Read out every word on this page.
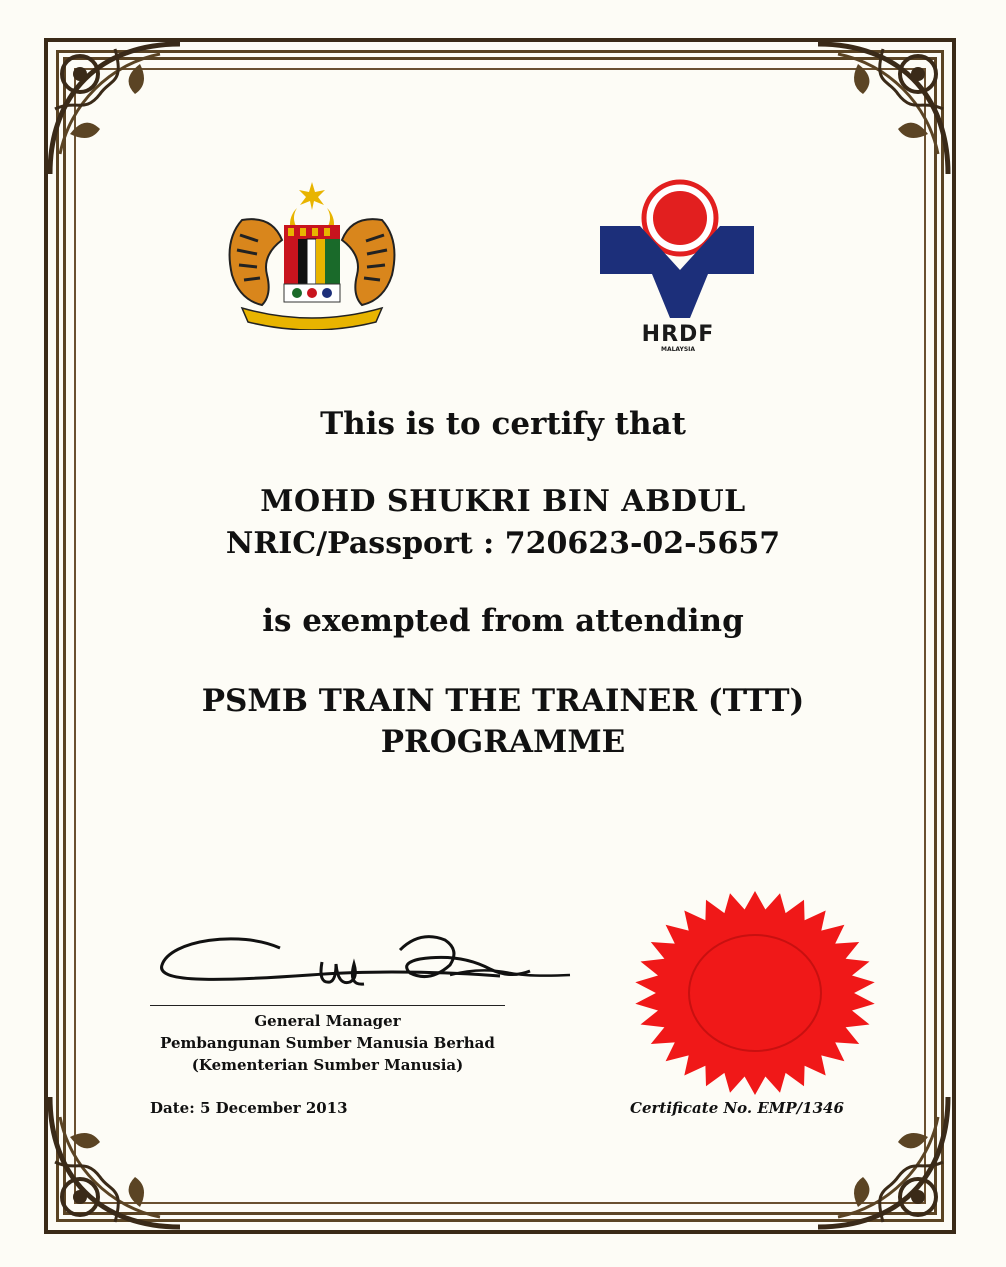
HRDF
MALAYSIA
This is to certify that
MOHD SHUKRI BIN ABDUL
NRIC/Passport : 720623-02-5657
is exempted from attending
PSMB TRAIN THE TRAINER (TTT)
PROGRAMME
General Manager
Pembangunan Sumber Manusia Berhad
(Kementerian Sumber Manusia)
Date: 5 December 2013	Certificate No. EMP/1346
